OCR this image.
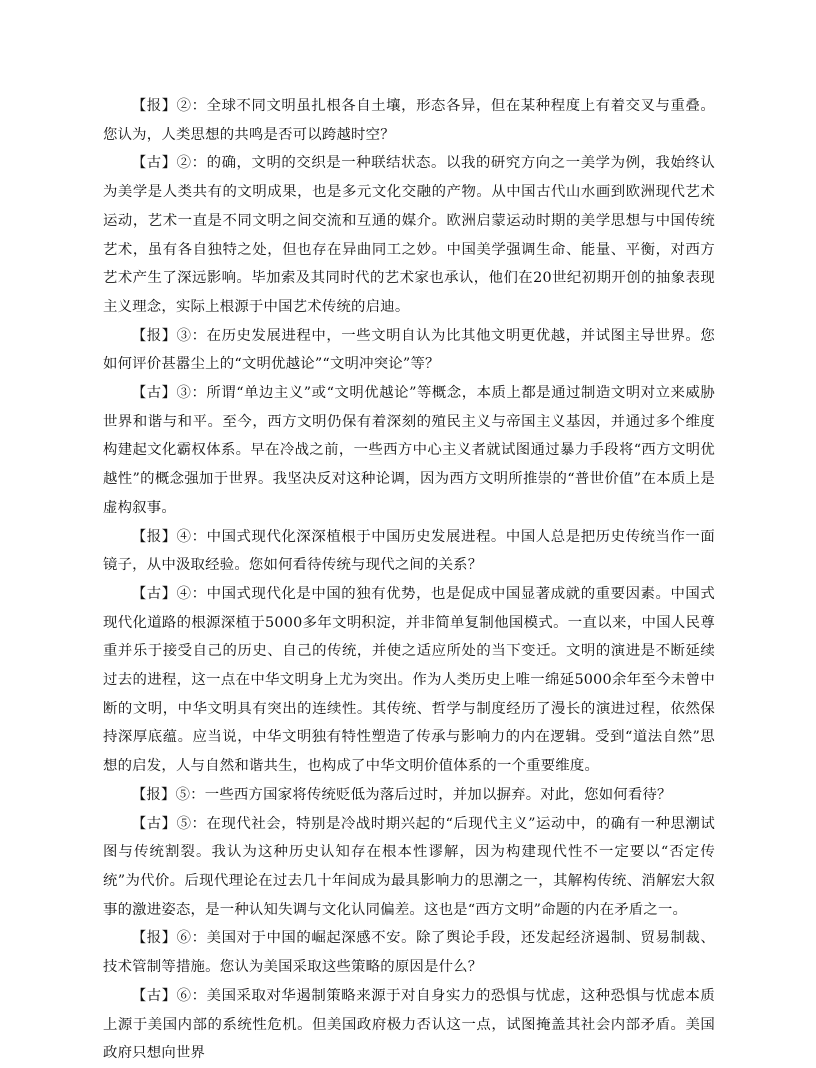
【报】②：全球不同文明虽扎根各自土壤，形态各异，但在某种程度上有着交叉与重叠。您认为，人类思想的共鸣是否可以跨越时空？

【古】②：的确，文明的交织是一种联结状态。以我的研究方向之一美学为例，我始终认为美学是人类共有的文明成果，也是多元文化交融的产物。从中国古代山水画到欧洲现代艺术运动，艺术一直是不同文明之间交流和互通的媒介。欧洲启蒙运动时期的美学思想与中国传统艺术，虽有各自独特之处，但也存在异曲同工之妙。中国美学强调生命、能量、平衡，对西方艺术产生了深远影响。毕加索及其同时代的艺术家也承认，他们在20世纪初期开创的抽象表现主义理念，实际上根源于中国艺术传统的启迪。

【报】③：在历史发展进程中，一些文明自认为比其他文明更优越，并试图主导世界。您如何评价甚嚣尘上的“文明优越论”“文明冲突论”等？

【古】③：所谓“单边主义”或“文明优越论”等概念，本质上都是通过制造文明对立来威胁世界和谐与和平。至今，西方文明仍保有着深刻的殖民主义与帝国主义基因，并通过多个维度构建起文化霸权体系。早在冷战之前，一些西方中心主义者就试图通过暴力手段将“西方文明优越性”的概念强加于世界。我坚决反对这种论调，因为西方文明所推崇的“普世价值”在本质上是虚构叙事。

【报】④：中国式现代化深深植根于中国历史发展进程。中国人总是把历史传统当作一面镜子，从中汲取经验。您如何看待传统与现代之间的关系？

【古】④：中国式现代化是中国的独有优势，也是促成中国显著成就的重要因素。中国式现代化道路的根源深植于5000多年文明积淀，并非简单复制他国模式。一直以来，中国人民尊重并乐于接受自己的历史、自己的传统，并使之适应所处的当下变迁。文明的演进是不断延续过去的进程，这一点在中华文明身上尤为突出。作为人类历史上唯一绵延5000余年至今未曾中断的文明，中华文明具有突出的连续性。其传统、哲学与制度经历了漫长的演进过程，依然保持深厚底蕴。应当说，中华文明独有特性塑造了传承与影响力的内在逻辑。受到“道法自然”思想的启发，人与自然和谐共生，也构成了中华文明价值体系的一个重要维度。

【报】⑤：一些西方国家将传统贬低为落后过时，并加以摒弃。对此，您如何看待？

【古】⑤：在现代社会，特别是冷战时期兴起的“后现代主义”运动中，的确有一种思潮试图与传统割裂。我认为这种历史认知存在根本性谬解，因为构建现代性不一定要以“否定传统”为代价。后现代理论在过去几十年间成为最具影响力的思潮之一，其解构传统、消解宏大叙事的激进姿态，是一种认知失调与文化认同偏差。这也是“西方文明”命题的内在矛盾之一。

【报】⑥：美国对于中国的崛起深感不安。除了舆论手段，还发起经济遏制、贸易制裁、技术管制等措施。您认为美国采取这些策略的原因是什么？

【古】⑥：美国采取对华遏制策略来源于对自身实力的恐惧与忧虑，这种恐惧与忧虑本质上源于美国内部的系统性危机。但美国政府极力否认这一点，试图掩盖其社会内部矛盾。美国政府只想向世界
